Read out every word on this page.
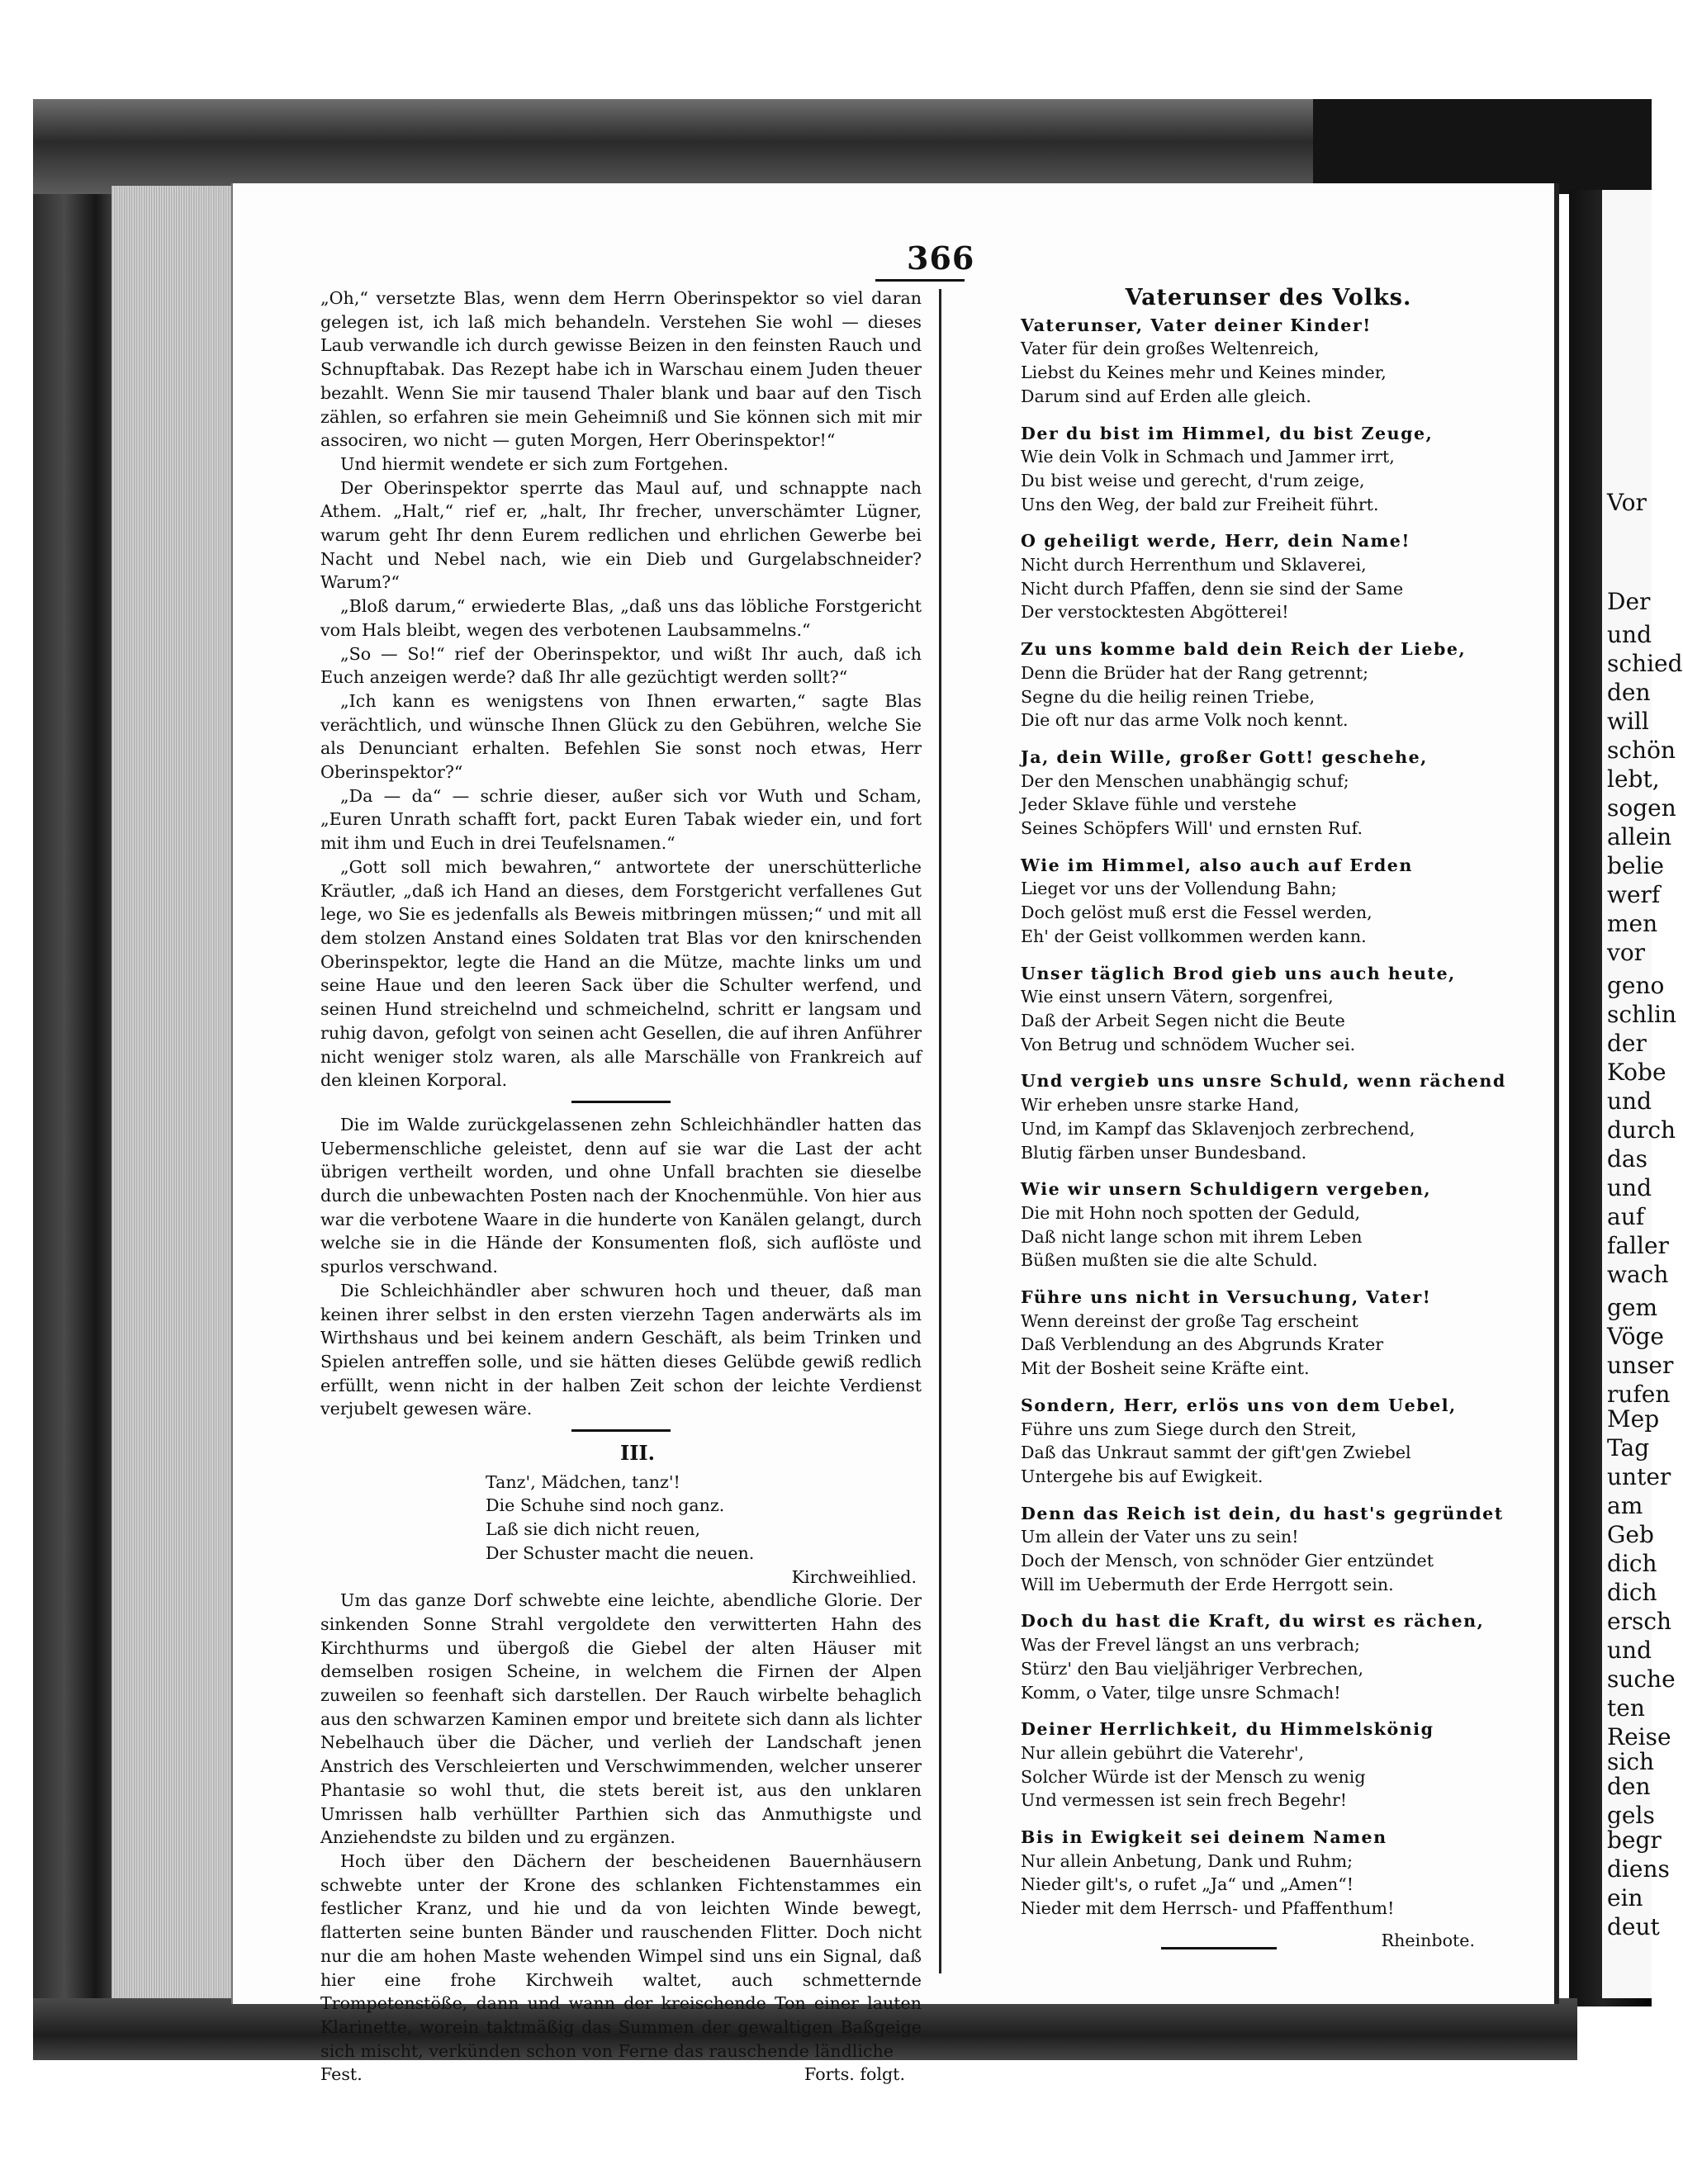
Vor
Der
und
schied
den
will
schön
lebt,
sogen
allein
belie
werf
men
vor
geno
schlin
der
Kobe
und
durch
das
und
auf
faller
wach
gem
Vöge
unser
rufen
Mep
Tag
unter
am
Geb
dich
dich
ersch
und
suche
ten
Reise
sich
den
gels
begr
diens
ein
deut
366

„Oh,“ versetzte Blas, wenn dem Herrn Oberinspektor so viel daran gelegen ist, ich laß mich behandeln. Verstehen Sie wohl — dieses Laub verwandle ich durch gewisse Beizen in den feinsten Rauch und Schnupftabak. Das Rezept habe ich in Warschau einem Juden theuer bezahlt. Wenn Sie mir tausend Thaler blank und baar auf den Tisch zählen, so erfahren sie mein Geheimniß und Sie können sich mit mir associren, wo nicht — guten Morgen, Herr Oberinspektor!“

Und hiermit wendete er sich zum Fortgehen.

Der Oberinspektor sperrte das Maul auf, und schnappte nach Athem. „Halt,“ rief er, „halt, Ihr frecher, unverschämter Lügner, warum geht Ihr denn Eurem redlichen und ehrlichen Gewerbe bei Nacht und Nebel nach, wie ein Dieb und Gurgelabschneider? Warum?“

„Bloß darum,“ erwiederte Blas, „daß uns das löbliche Forstgericht vom Hals bleibt, wegen des verbotenen Laubsammelns.“

„So — So!“ rief der Oberinspektor, und wißt Ihr auch, daß ich Euch anzeigen werde? daß Ihr alle gezüchtigt werden sollt?“

„Ich kann es wenigstens von Ihnen erwarten,“ sagte Blas verächtlich, und wünsche Ihnen Glück zu den Gebühren, welche Sie als Denunciant erhalten. Befehlen Sie sonst noch etwas, Herr Oberinspektor?“

„Da — da“ — schrie dieser, außer sich vor Wuth und Scham, „Euren Unrath schafft fort, packt Euren Tabak wieder ein, und fort mit ihm und Euch in drei Teufelsnamen.“

„Gott soll mich bewahren,“ antwortete der unerschütterliche Kräutler, „daß ich Hand an dieses, dem Forstgericht verfallenes Gut lege, wo Sie es jedenfalls als Beweis mitbringen müssen;“ und mit all dem stolzen Anstand eines Soldaten trat Blas vor den knirschenden Oberinspektor, legte die Hand an die Mütze, machte links um und seine Haue und den leeren Sack über die Schulter werfend, und seinen Hund streichelnd und schmeichelnd, schritt er langsam und ruhig davon, gefolgt von seinen acht Gesellen, die auf ihren Anführer nicht weniger stolz waren, als alle Marschälle von Frankreich auf den kleinen Korporal.

Die im Walde zurückgelassenen zehn Schleichhändler hatten das Uebermenschliche geleistet, denn auf sie war die Last der acht übrigen vertheilt worden, und ohne Unfall brachten sie dieselbe durch die unbewachten Posten nach der Knochenmühle. Von hier aus war die verbotene Waare in die hunderte von Kanälen gelangt, durch welche sie in die Hände der Konsumenten floß, sich auflöste und spurlos verschwand.

Die Schleichhändler aber schwuren hoch und theuer, daß man keinen ihrer selbst in den ersten vierzehn Tagen anderwärts als im Wirthshaus und bei keinem andern Geschäft, als beim Trinken und Spielen antreffen solle, und sie hätten dieses Gelübde gewiß redlich erfüllt, wenn nicht in der halben Zeit schon der leichte Verdienst verjubelt gewesen wäre.

III.
Tanz', Mädchen, tanz'!
Die Schuhe sind noch ganz.
Laß sie dich nicht reuen,
Der Schuster macht die neuen.
Kirchweihlied.

Um das ganze Dorf schwebte eine leichte, abendliche Glorie. Der sinkenden Sonne Strahl vergoldete den verwitterten Hahn des Kirchthurms und übergoß die Giebel der alten Häuser mit demselben rosigen Scheine, in welchem die Firnen der Alpen zuweilen so feenhaft sich darstellen. Der Rauch wirbelte behaglich aus den schwarzen Kaminen empor und breitete sich dann als lichter Nebelhauch über die Dächer, und verlieh der Landschaft jenen Anstrich des Verschleierten und Verschwimmenden, welcher unserer Phantasie so wohl thut, die stets bereit ist, aus den unklaren Umrissen halb verhüllter Parthien sich das Anmuthigste und Anziehendste zu bilden und zu ergänzen.

Hoch über den Dächern der bescheidenen Bauernhäusern schwebte unter der Krone des schlanken Fichtenstammes ein festlicher Kranz, und hie und da von leichten Winde bewegt, flatterten seine bunten Bänder und rauschenden Flitter. Doch nicht nur die am hohen Maste wehenden Wimpel sind uns ein Signal, daß hier eine frohe Kirchweih waltet, auch schmetternde Trompetenstöße, dann und wann der kreischende Ton einer lauten Klarinette, worein taktmäßig das Summen der gewaltigen Baßgeige sich mischt, verkünden schon von Ferne das rauschende ländliche

Fest.	Forts. folgt.
Vaterunser des Volks.
Vaterunser, Vater deiner Kinder!
Vater für dein großes Weltenreich,
Liebst du Keines mehr und Keines minder,
Darum sind auf Erden alle gleich.
Der du bist im Himmel, du bist Zeuge,
Wie dein Volk in Schmach und Jammer irrt,
Du bist weise und gerecht, d'rum zeige,
Uns den Weg, der bald zur Freiheit führt.
O geheiligt werde, Herr, dein Name!
Nicht durch Herrenthum und Sklaverei,
Nicht durch Pfaffen, denn sie sind der Same
Der verstocktesten Abgötterei!
Zu uns komme bald dein Reich der Liebe,
Denn die Brüder hat der Rang getrennt;
Segne du die heilig reinen Triebe,
Die oft nur das arme Volk noch kennt.
Ja, dein Wille, großer Gott! geschehe,
Der den Menschen unabhängig schuf;
Jeder Sklave fühle und verstehe
Seines Schöpfers Will' und ernsten Ruf.
Wie im Himmel, also auch auf Erden
Lieget vor uns der Vollendung Bahn;
Doch gelöst muß erst die Fessel werden,
Eh' der Geist vollkommen werden kann.
Unser täglich Brod gieb uns auch heute,
Wie einst unsern Vätern, sorgenfrei,
Daß der Arbeit Segen nicht die Beute
Von Betrug und schnödem Wucher sei.
Und vergieb uns unsre Schuld, wenn rächend
Wir erheben unsre starke Hand,
Und, im Kampf das Sklavenjoch zerbrechend,
Blutig färben unser Bundesband.
Wie wir unsern Schuldigern vergeben,
Die mit Hohn noch spotten der Geduld,
Daß nicht lange schon mit ihrem Leben
Büßen mußten sie die alte Schuld.
Führe uns nicht in Versuchung, Vater!
Wenn dereinst der große Tag erscheint
Daß Verblendung an des Abgrunds Krater
Mit der Bosheit seine Kräfte eint.
Sondern, Herr, erlös uns von dem Uebel,
Führe uns zum Siege durch den Streit,
Daß das Unkraut sammt der gift'gen Zwiebel
Untergehe bis auf Ewigkeit.
Denn das Reich ist dein, du hast's gegründet
Um allein der Vater uns zu sein!
Doch der Mensch, von schnöder Gier entzündet
Will im Uebermuth der Erde Herrgott sein.
Doch du hast die Kraft, du wirst es rächen,
Was der Frevel längst an uns verbrach;
Stürz' den Bau vieljähriger Verbrechen,
Komm, o Vater, tilge unsre Schmach!
Deiner Herrlichkeit, du Himmelskönig
Nur allein gebührt die Vaterehr',
Solcher Würde ist der Mensch zu wenig
Und vermessen ist sein frech Begehr!
Bis in Ewigkeit sei deinem Namen
Nur allein Anbetung, Dank und Ruhm;
Nieder gilt's, o rufet „Ja“ und „Amen“!
Nieder mit dem Herrsch- und Pfaffenthum!
Rheinbote.
